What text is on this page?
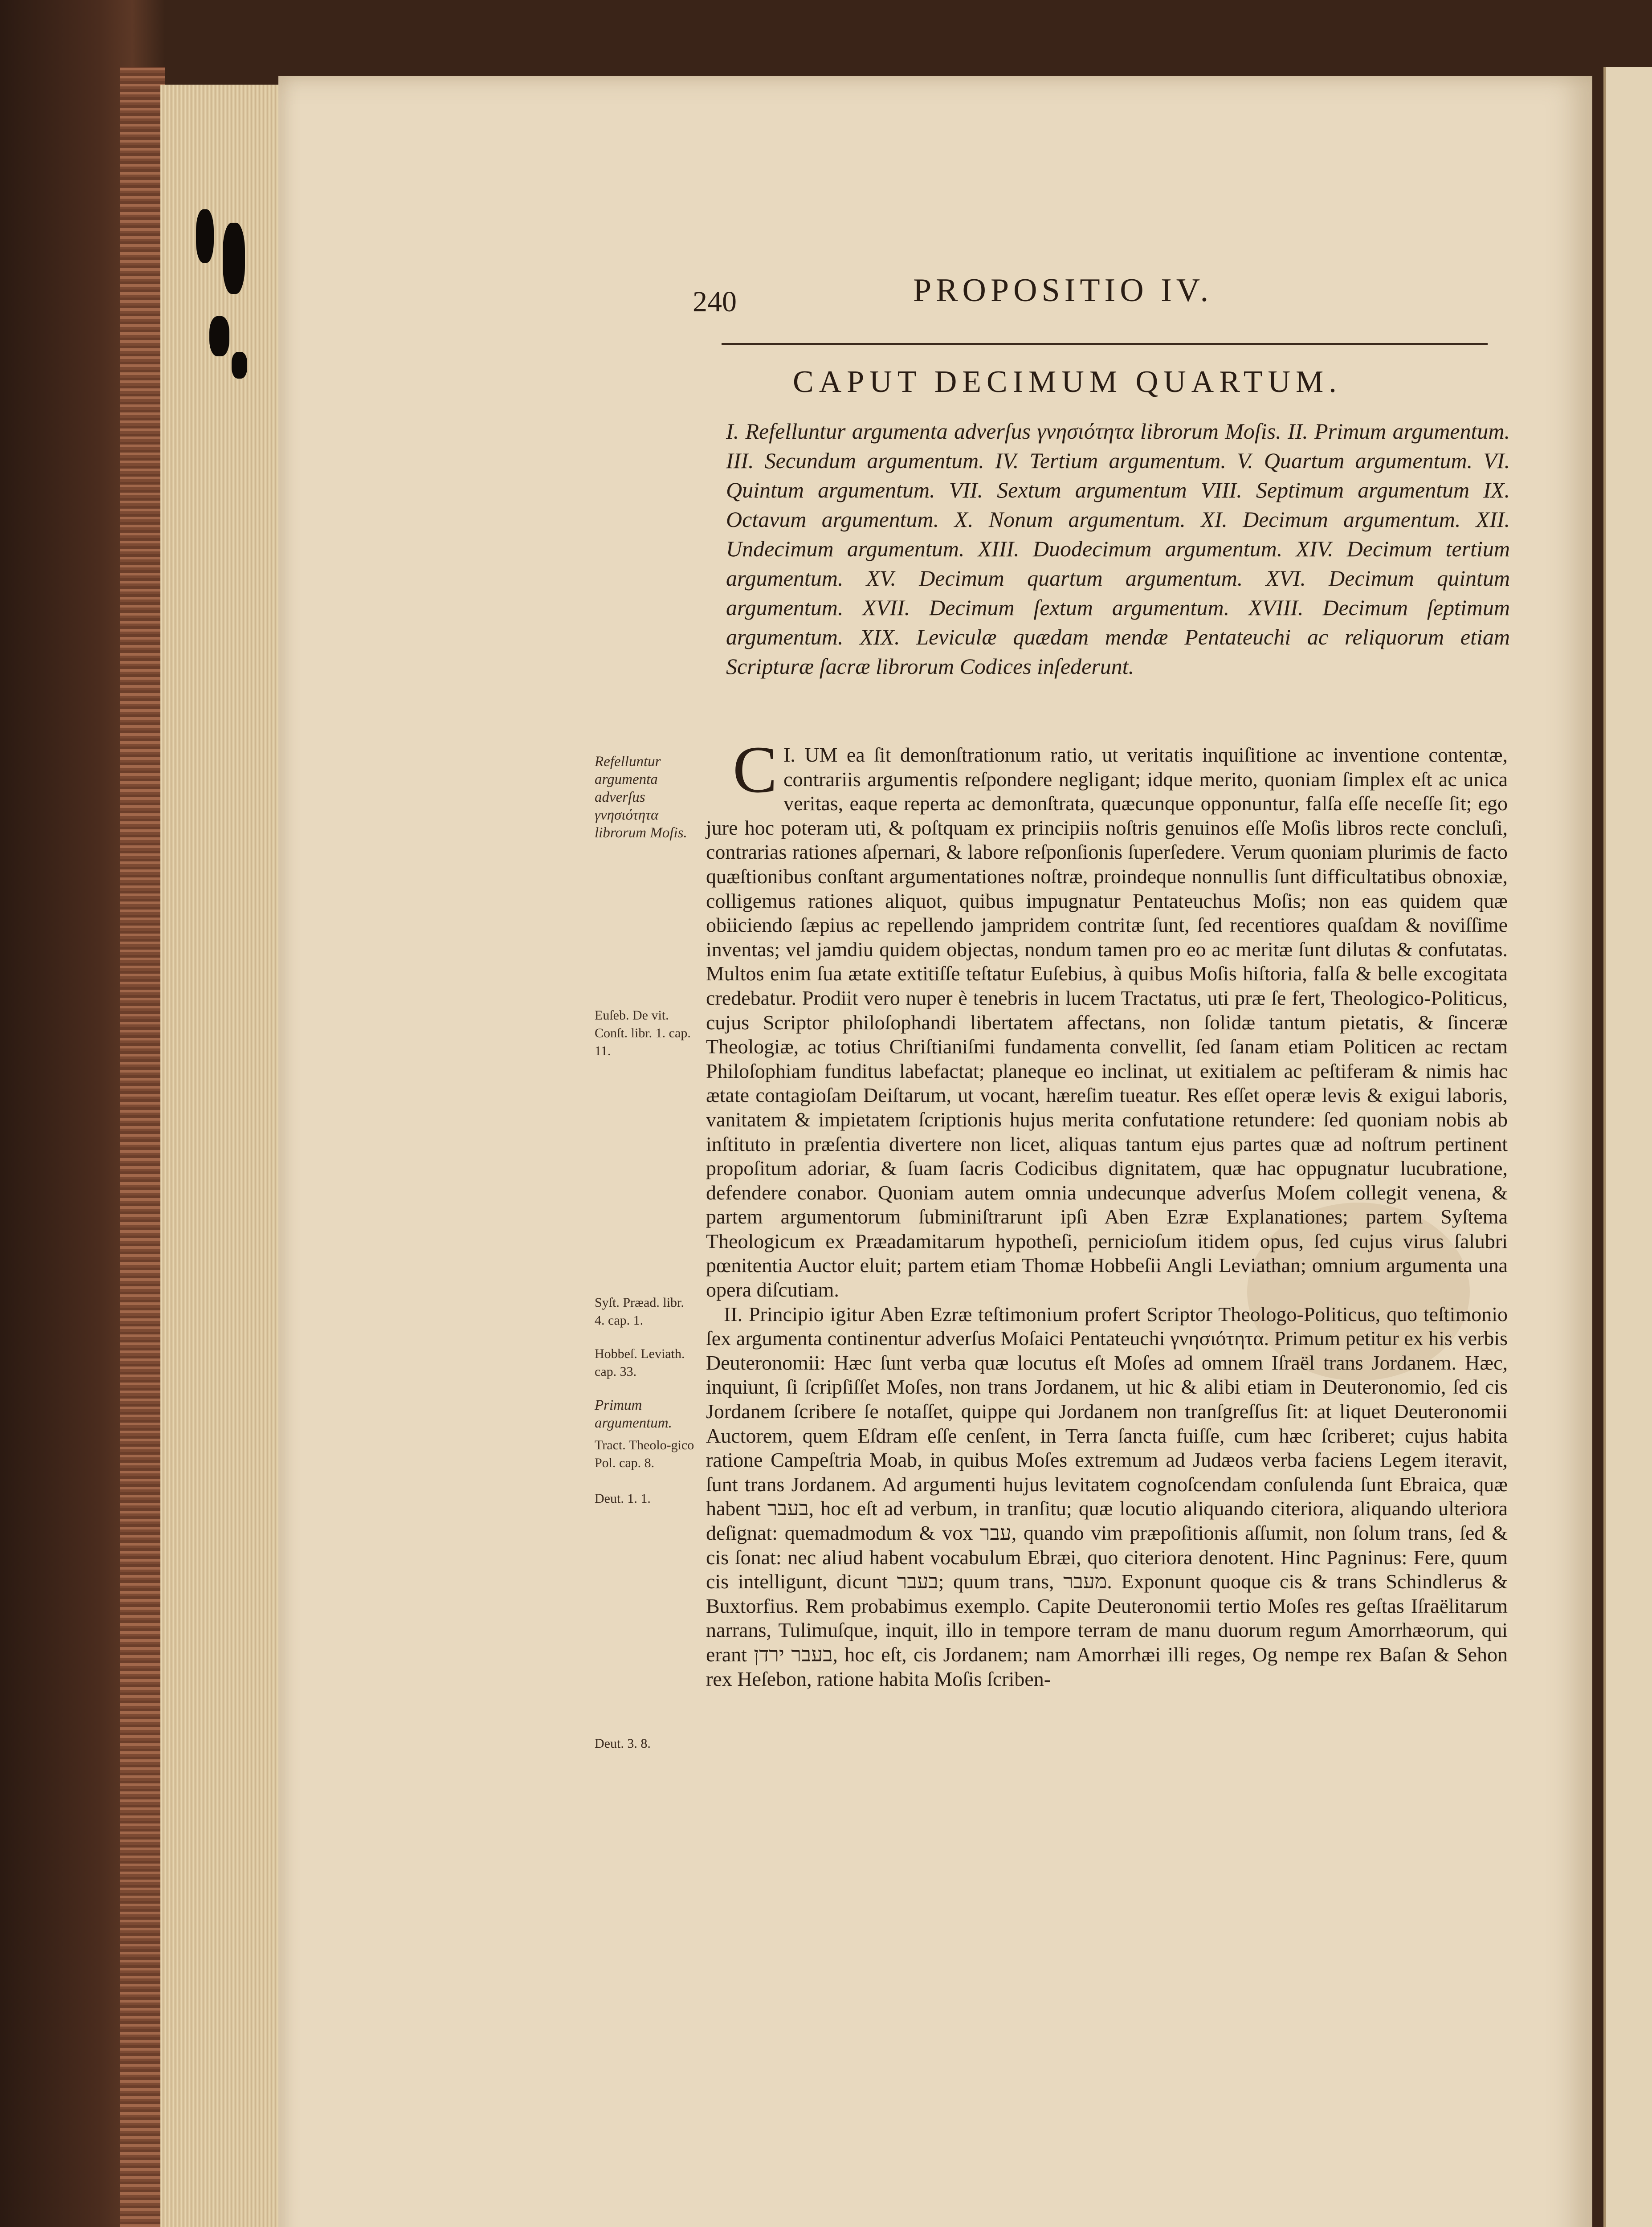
240	PROPOSITIO IV.
CAPUT DECIMUM QUARTUM.
I. Refelluntur argumenta adverſus γνησιότητα librorum Moſis. II. Primum argumentum. III. Secundum argumentum. IV. Tertium argumentum. V. Quartum argumentum. VI. Quintum argumentum. VII. Sextum argumentum VIII. Septimum argumentum IX. Octavum argumentum. X. Nonum argumentum. XI. Decimum argumentum. XII. Undecimum argumentum. XIII. Duodecimum argumentum. XIV. Decimum tertium argumentum. XV. Decimum quartum argumentum. XVI. Decimum quintum argumentum. XVII. Decimum ſextum argumentum. XVIII. Decimum ſeptimum argumentum. XIX. Leviculæ quædam mendæ Pentateuchi ac reliquorum etiam Scripturæ ſacræ librorum Codices inſederunt.
Refelluntur argumenta adverſus γνησιότητα librorum Moſis.
Euſeb. De vit. Conſt. libr. 1. cap. 11.
Syſt. Præad. libr. 4. cap. 1.
Hobbeſ. Leviath. cap. 33.
Primum argumentum.
Tract. Theolo-gico Pol. cap. 8.
Deut. 1. 1.
Deut. 3. 8.

I.
C UM ea ſit demonſtrationum ratio, ut veritatis inquiſitione ac inventione contentæ, contrariis argumentis reſpondere negligant; idque merito, quoniam ſimplex eſt ac unica veritas, eaque reperta ac demonſtrata, quæcunque opponuntur, falſa eſſe neceſſe ſit; ego jure hoc poteram uti, & poſtquam ex principiis noſtris genuinos eſſe Moſis libros recte concluſi, contrarias rationes aſpernari, & labore reſponſionis ſuperſedere. Verum quoniam plurimis de facto quæſtionibus conſtant argumentationes noſtræ, proindeque nonnullis ſunt difficultatibus obnoxiæ, colligemus rationes aliquot, quibus impugnatur Pentateuchus Moſis; non eas quidem quæ obiiciendo ſæpius ac repellendo jampridem contritæ ſunt, ſed recentiores quaſdam & noviſſime inventas; vel jamdiu quidem objectas, nondum tamen pro eo ac meritæ ſunt dilutas & confutatas. Multos enim ſua ætate extitiſſe teſtatur Euſebius, à quibus Moſis hiſtoria, falſa & belle excogitata credebatur. Prodiit vero nuper è tenebris in lucem Tractatus, uti præ ſe fert, Theologico-Politicus, cujus Scriptor philoſophandi libertatem affectans, non ſolidæ tantum pietatis, & ſinceræ Theologiæ, ac totius Chriſtianiſmi fundamenta convellit, ſed ſanam etiam Politicen ac rectam Philoſophiam funditus labefactat; planeque eo inclinat, ut exitialem ac peſtiferam & nimis hac ætate contagioſam Deiſtarum, ut vocant, hæreſim tueatur. Res eſſet operæ levis & exigui laboris, vanitatem & impietatem ſcriptionis hujus merita confutatione retundere: ſed quoniam nobis ab inſtituto in præſentia divertere non licet, aliquas tantum ejus partes quæ ad noſtrum pertinent propoſitum adoriar, & ſuam ſacris Codicibus dignitatem, quæ hac oppugnatur lucubratione, defendere conabor. Quoniam autem omnia undecunque adverſus Moſem collegit venena, & partem argumentorum ſubminiſtrarunt ipſi Aben Ezræ Explanationes; partem Syſtema Theologicum ex Præadamitarum hypotheſi, pernicioſum itidem opus, ſed cujus virus ſalubri pœnitentia Auctor eluit; partem etiam Thomæ Hobbeſii Angli Leviathan; omnium argumenta una opera diſcutiam.

II. Principio igitur Aben Ezræ teſtimonium profert Scriptor Theologo-Politicus, quo teſtimonio ſex argumenta continentur adverſus Moſaici Pentateuchi γνησιότητα. Primum petitur ex his verbis Deuteronomii: Hæc ſunt verba quæ locutus eſt Moſes ad omnem Iſraël trans Jordanem. Hæc, inquiunt, ſi ſcripſiſſet Moſes, non trans Jordanem, ut hic & alibi etiam in Deuteronomio, ſed cis Jordanem ſcribere ſe notaſſet, quippe qui Jordanem non tranſgreſſus ſit: at liquet Deuteronomii Auctorem, quem Eſdram eſſe cenſent, in Terra ſancta fuiſſe, cum hæc ſcriberet; cujus habita ratione Campeſtria Moab, in quibus Moſes extremum ad Judæos verba faciens Legem iteravit, ſunt trans Jordanem. Ad argumenti hujus levitatem cognoſcendam conſulenda ſunt Ebraica, quæ habent בעבר, hoc eſt ad verbum, in tranſitu; quæ locutio aliquando citeriora, aliquando ulteriora deſignat: quemadmodum & vox עבר, quando vim præpoſitionis aſſumit, non ſolum trans, ſed & cis ſonat: nec aliud habent vocabulum Ebræi, quo citeriora denotent. Hinc Pagninus: Fere, quum cis intelligunt, dicunt בעבר; quum trans, מעבר. Exponunt quoque cis & trans Schindlerus & Buxtorfius. Rem probabimus exemplo. Capite Deuteronomii tertio Moſes res geſtas Iſraëlitarum narrans, Tulimuſque, inquit, illo in tempore terram de manu duorum regum Amorrhæorum, qui erant בעבר ירדן, hoc eſt, cis Jordanem; nam Amorrhæi illi reges, Og nempe rex Baſan & Sehon rex Heſebon, ratione habita Moſis ſcriben-
